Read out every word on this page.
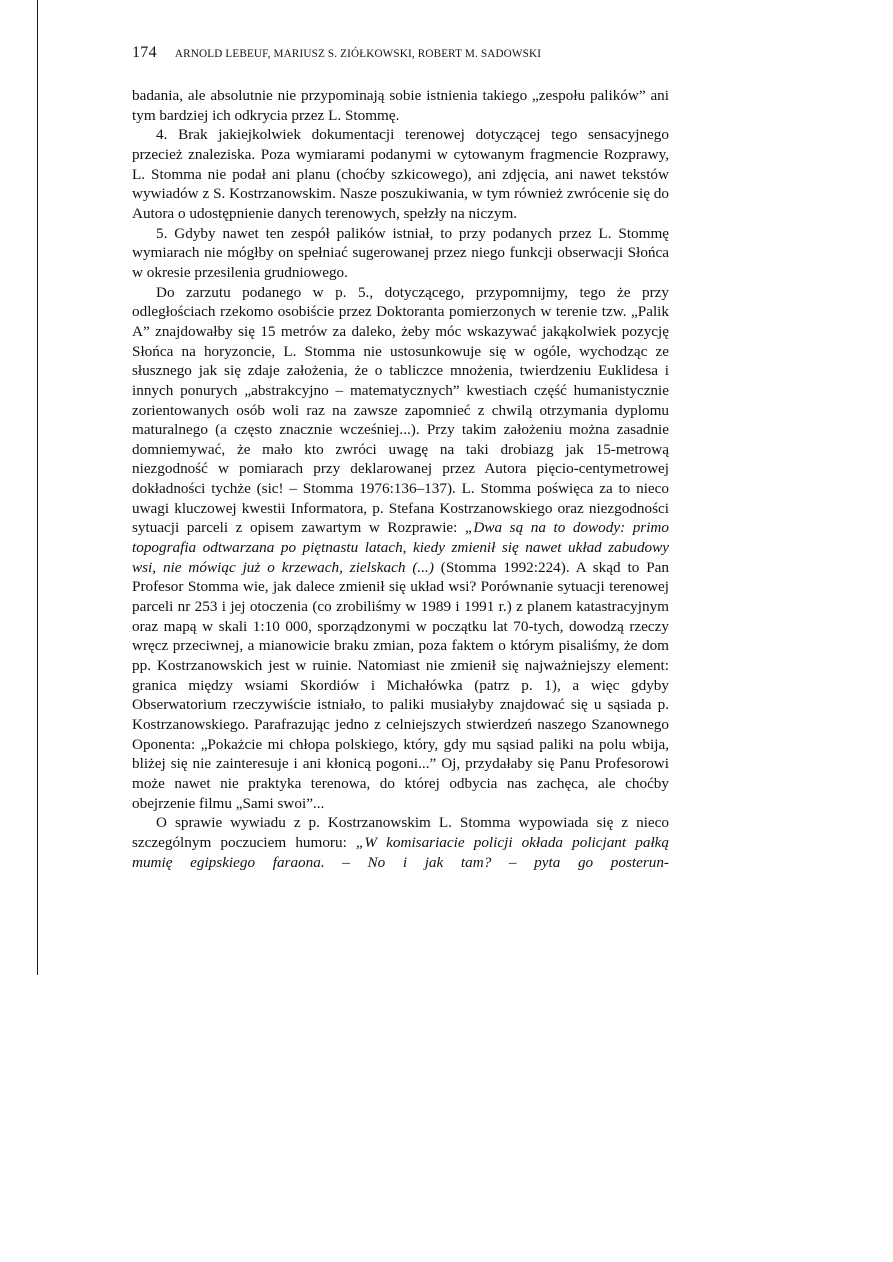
174 ARNOLD LEBEUF, MARIUSZ S. ZIÓŁKOWSKI, ROBERT M. SADOWSKI

badania, ale absolutnie nie przypominają sobie istnienia takiego „zespołu palików” ani tym bardziej ich odkrycia przez L. Stommę.

4. Brak jakiejkolwiek dokumentacji terenowej dotyczącej tego sensacyjnego przecież znaleziska. Poza wymiarami podanymi w cytowanym fragmencie Rozprawy, L. Stomma nie podał ani planu (choćby szkicowego), ani zdjęcia, ani nawet tekstów wywiadów z S. Kostrzanowskim. Nasze poszukiwania, w tym również zwrócenie się do Autora o udostępnienie danych terenowych, spełzły na niczym.

5. Gdyby nawet ten zespół palików istniał, to przy podanych przez L. Stommę wymiarach nie mógłby on spełniać sugerowanej przez niego funkcji obserwacji Słońca w okresie przesilenia grudniowego.

Do zarzutu podanego w p. 5., dotyczącego, przypomnijmy, tego że przy odległościach rzekomo osobiście przez Doktoranta pomierzonych w terenie tzw. „Palik A” znajdowałby się 15 metrów za daleko, żeby móc wskazywać jakąkolwiek pozycję Słońca na horyzoncie, L. Stomma nie ustosunkowuje się w ogóle, wychodząc ze słusznego jak się zdaje założenia, że o tabliczce mnożenia, twierdzeniu Euklidesa i innych ponurych „abstrakcyjno – matematycznych” kwestiach część humanistycznie zorientowanych osób woli raz na zawsze zapomnieć z chwilą otrzymania dyplomu maturalnego (a często znacznie wcześniej...). Przy takim założeniu można zasadnie domniemywać, że mało kto zwróci uwagę na taki drobiazg jak 15-metrową niezgodność w pomiarach przy deklarowanej przez Autora pięcio-centymetrowej dokładności tychże (sic! – Stomma 1976:136–137). L. Stomma poświęca za to nieco uwagi kluczowej kwestii Informatora, p. Stefana Kostrzanowskiego oraz niezgodności sytuacji parceli z opisem zawartym w Rozprawie: „Dwa są na to dowody: primo topografia odtwarzana po piętnastu latach, kiedy zmienił się nawet układ zabudowy wsi, nie mówiąc już o krzewach, zielskach (...) (Stomma 1992:224). A skąd to Pan Profesor Stomma wie, jak dalece zmienił się układ wsi? Porównanie sytuacji terenowej parceli nr 253 i jej otoczenia (co zrobiliśmy w 1989 i 1991 r.) z planem katastracyjnym oraz mapą w skali 1:10 000, sporządzonymi w początku lat 70-tych, dowodzą rzeczy wręcz przeciwnej, a mianowicie braku zmian, poza faktem o którym pisaliśmy, że dom pp. Kostrzanowskich jest w ruinie. Natomiast nie zmienił się najważniejszy element: granica między wsiami Skordiów i Michałówka (patrz p. 1), a więc gdyby Obserwatorium rzeczywiście istniało, to paliki musiałyby znajdować się u sąsiada p. Kostrzanowskiego. Parafrazując jedno z celniejszych stwierdzeń naszego Szanownego Oponenta: „Pokażcie mi chłopa polskiego, który, gdy mu sąsiad paliki na polu wbija, bliżej się nie zainteresuje i ani kłonicą pogoni...” Oj, przydałaby się Panu Profesorowi może nawet nie praktyka terenowa, do której odbycia nas zachęca, ale choćby obejrzenie filmu „Sami swoi”...

O sprawie wywiadu z p. Kostrzanowskim L. Stomma wypowiada się z nieco szczególnym poczuciem humoru: „W komisariacie policji okłada policjant pałką mumię egipskiego faraona. – No i jak tam? – pyta go posterun-
